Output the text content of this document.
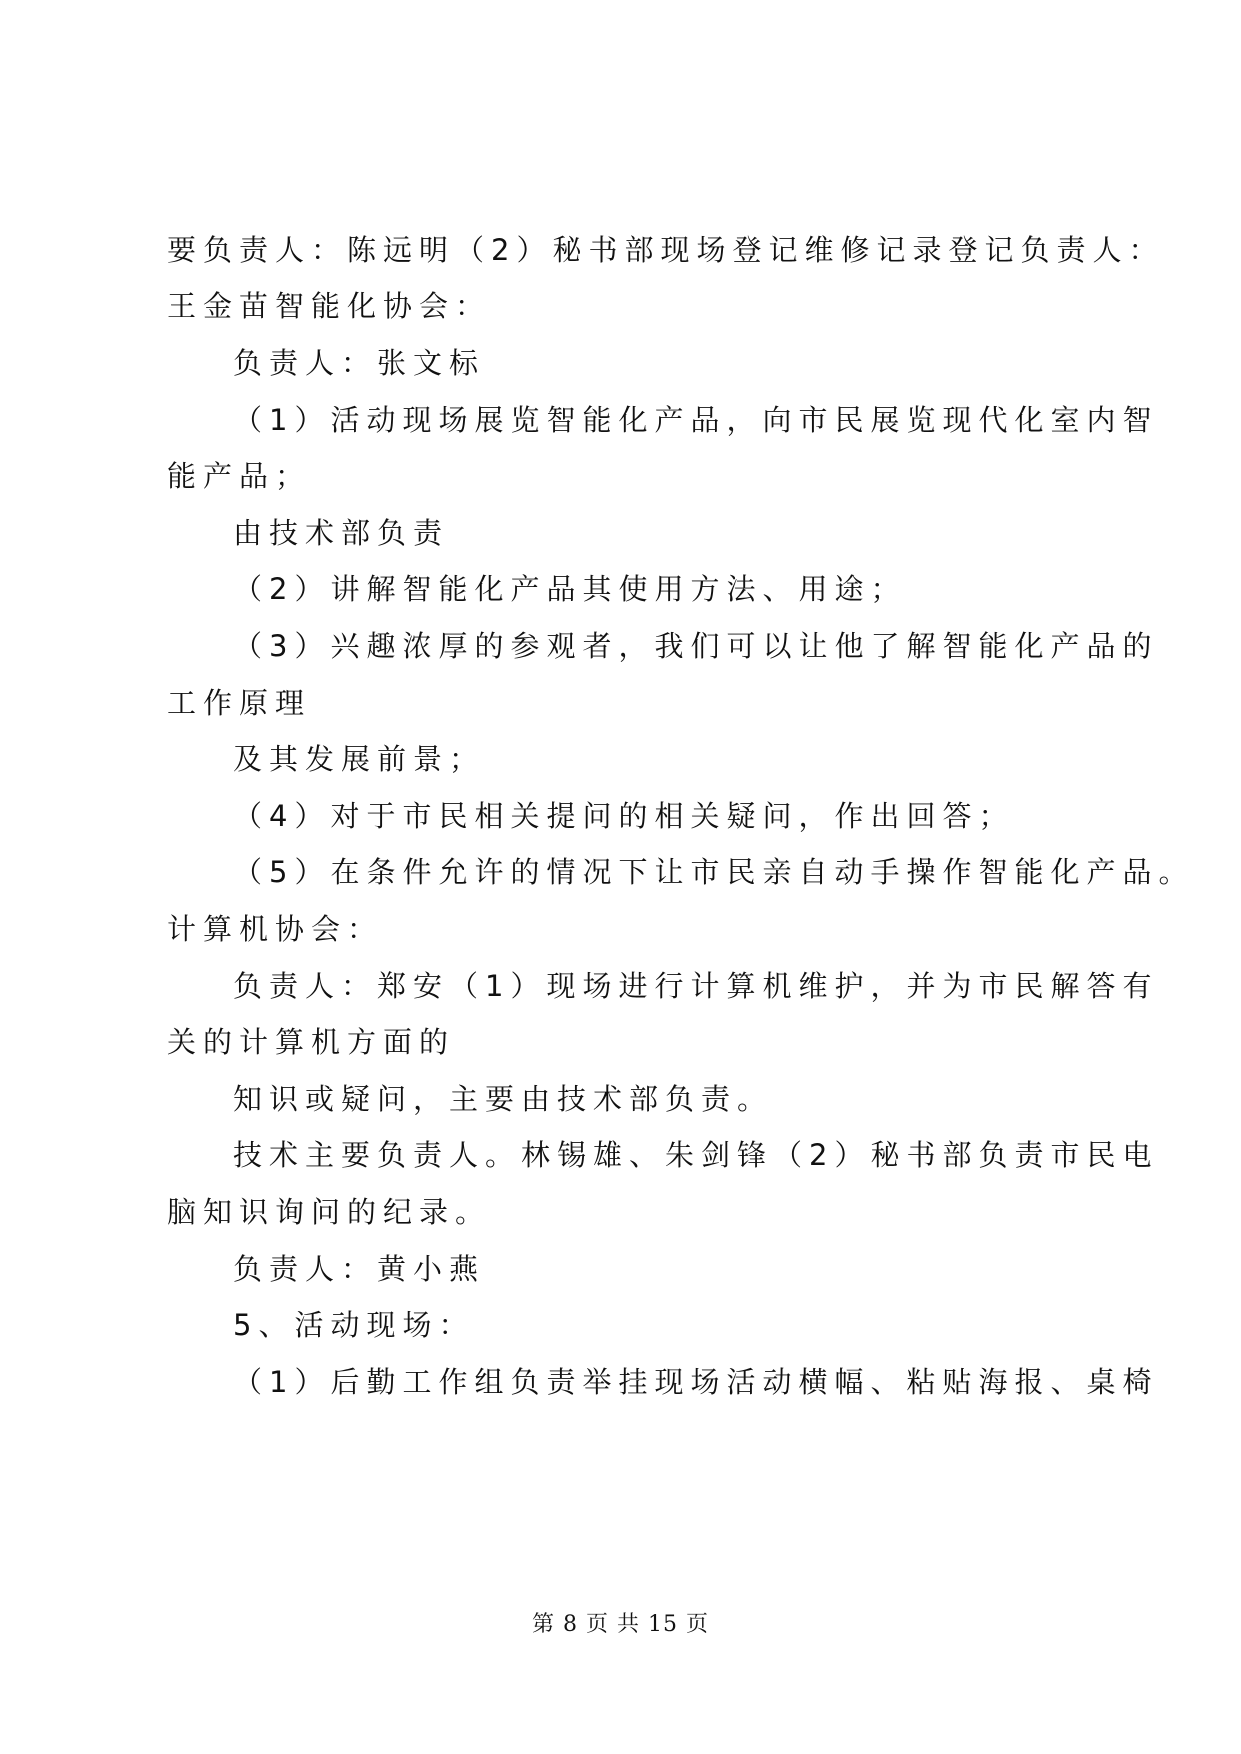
要负责人：陈远明（2）秘书部现场登记维修记录登记负责人：
王金苗智能化协会：
负责人：张文标
（1）活动现场展览智能化产品，向市民展览现代化室内智
能产品；
由技术部负责
（2）讲解智能化产品其使用方法、用途；
（3）兴趣浓厚的参观者，我们可以让他了解智能化产品的
工作原理
及其发展前景；
（4）对于市民相关提问的相关疑问，作出回答；
（5）在条件允许的情况下让市民亲自动手操作智能化产品。
计算机协会：
负责人：郑安（1）现场进行计算机维护，并为市民解答有
关的计算机方面的
知识或疑问，主要由技术部负责。
技术主要负责人。林锡雄、朱剑锋（2）秘书部负责市民电
脑知识询问的纪录。
负责人：黄小燕
5、活动现场：
（1）后勤工作组负责举挂现场活动横幅、粘贴海报、桌椅
第 8 页 共 15 页
